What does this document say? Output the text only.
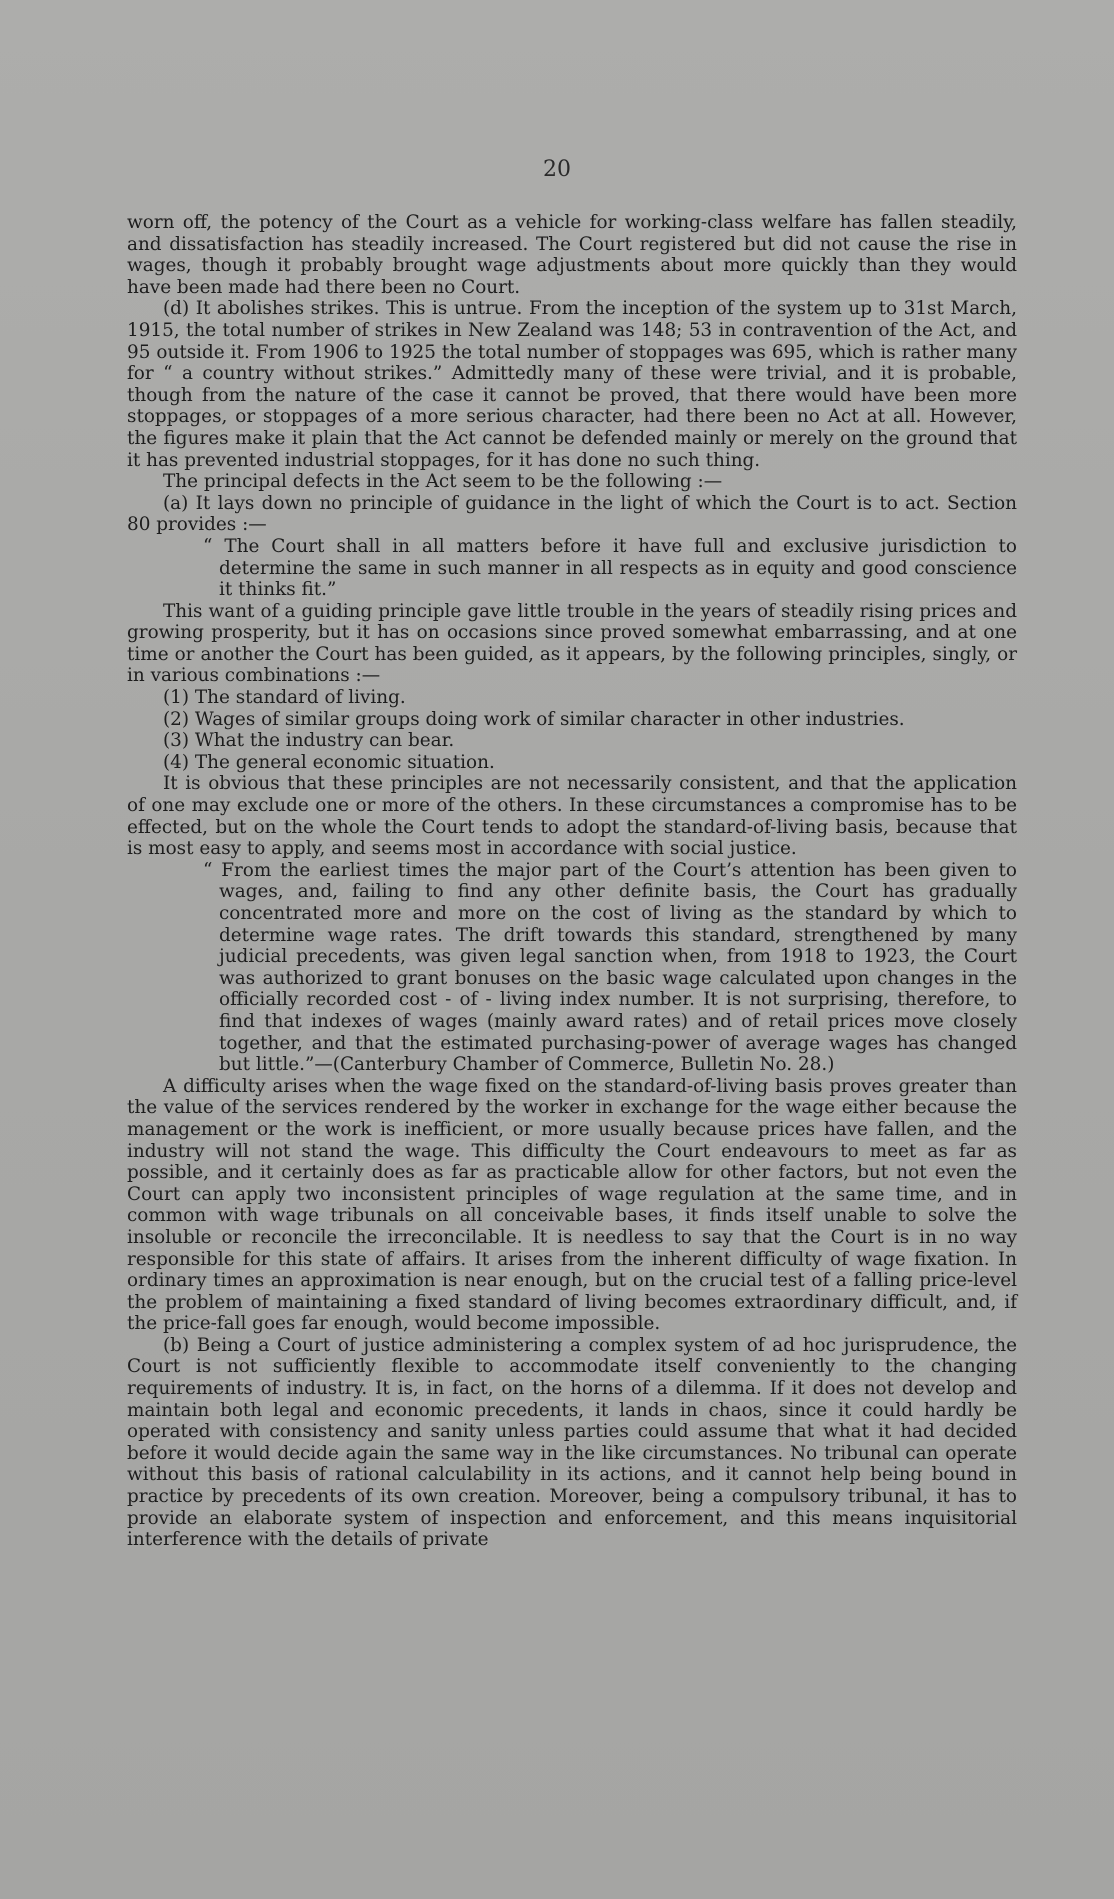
20

worn off, the potency of the Court as a vehicle for working-class welfare has fallen steadily, and dissatisfaction has steadily increased. The Court registered but did not cause the rise in wages, though it probably brought wage adjustments about more quickly than they would have been made had there been no Court.

(d) It abolishes strikes. This is untrue. From the inception of the system up to 31st March, 1915, the total number of strikes in New Zealand was 148; 53 in contravention of the Act, and 95 outside it. From 1906 to 1925 the total number of stoppages was 695, which is rather many for “ a country without strikes.” Admittedly many of these were trivial, and it is probable, though from the nature of the case it cannot be proved, that there would have been more stoppages, or stoppages of a more serious character, had there been no Act at all. However, the figures make it plain that the Act cannot be defended mainly or merely on the ground that it has prevented industrial stoppages, for it has done no such thing.

The principal defects in the Act seem to be the following :—

(a) It lays down no principle of guidance in the light of which the Court is to act. Section 80 provides :—

“ The Court shall in all matters before it have full and exclusive jurisdiction to determine the same in such manner in all respects as in equity and good conscience it thinks fit.”

This want of a guiding principle gave little trouble in the years of steadily rising prices and growing prosperity, but it has on occasions since proved somewhat embarrassing, and at one time or another the Court has been guided, as it appears, by the following principles, singly, or in various combinations :—

(1) The standard of living.

(2) Wages of similar groups doing work of similar character in other industries.

(3) What the industry can bear.

(4) The general economic situation.

It is obvious that these principles are not necessarily consistent, and that the application of one may exclude one or more of the others. In these circumstances a compromise has to be effected, but on the whole the Court tends to adopt the standard-of-living basis, because that is most easy to apply, and seems most in accordance with social justice.

“ From the earliest times the major part of the Court’s attention has been given to wages, and, failing to find any other definite basis, the Court has gradually concentrated more and more on the cost of living as the standard by which to determine wage rates. The drift towards this standard, strengthened by many judicial precedents, was given legal sanction when, from 1918 to 1923, the Court was authorized to grant bonuses on the basic wage calculated upon changes in the officially recorded cost - of - living index number. It is not surprising, therefore, to find that indexes of wages (mainly award rates) and of retail prices move closely together, and that the estimated purchasing-power of average wages has changed but little.”—(Canterbury Chamber of Commerce, Bulletin No. 28.)

A difficulty arises when the wage fixed on the standard-of-living basis proves greater than the value of the services rendered by the worker in exchange for the wage either because the management or the work is inefficient, or more usually because prices have fallen, and the industry will not stand the wage. This difficulty the Court endeavours to meet as far as possible, and it certainly does as far as practicable allow for other factors, but not even the Court can apply two inconsistent principles of wage regulation at the same time, and in common with wage tribunals on all conceivable bases, it finds itself unable to solve the insoluble or reconcile the irreconcilable. It is needless to say that the Court is in no way responsible for this state of affairs. It arises from the inherent difficulty of wage fixation. In ordinary times an approximation is near enough, but on the crucial test of a falling price-level the problem of maintaining a fixed standard of living becomes extraordinary difficult, and, if the price-fall goes far enough, would become impossible.

(b) Being a Court of justice administering a complex system of ad hoc jurisprudence, the Court is not sufficiently flexible to accommodate itself conveniently to the changing requirements of industry. It is, in fact, on the horns of a dilemma. If it does not develop and maintain both legal and economic precedents, it lands in chaos, since it could hardly be operated with consistency and sanity unless parties could assume that what it had decided before it would decide again the same way in the like circumstances. No tribunal can operate without this basis of rational calculability in its actions, and it cannot help being bound in practice by precedents of its own creation. Moreover, being a compulsory tribunal, it has to provide an elaborate system of inspection and enforcement, and this means inquisitorial interference with the details of private
